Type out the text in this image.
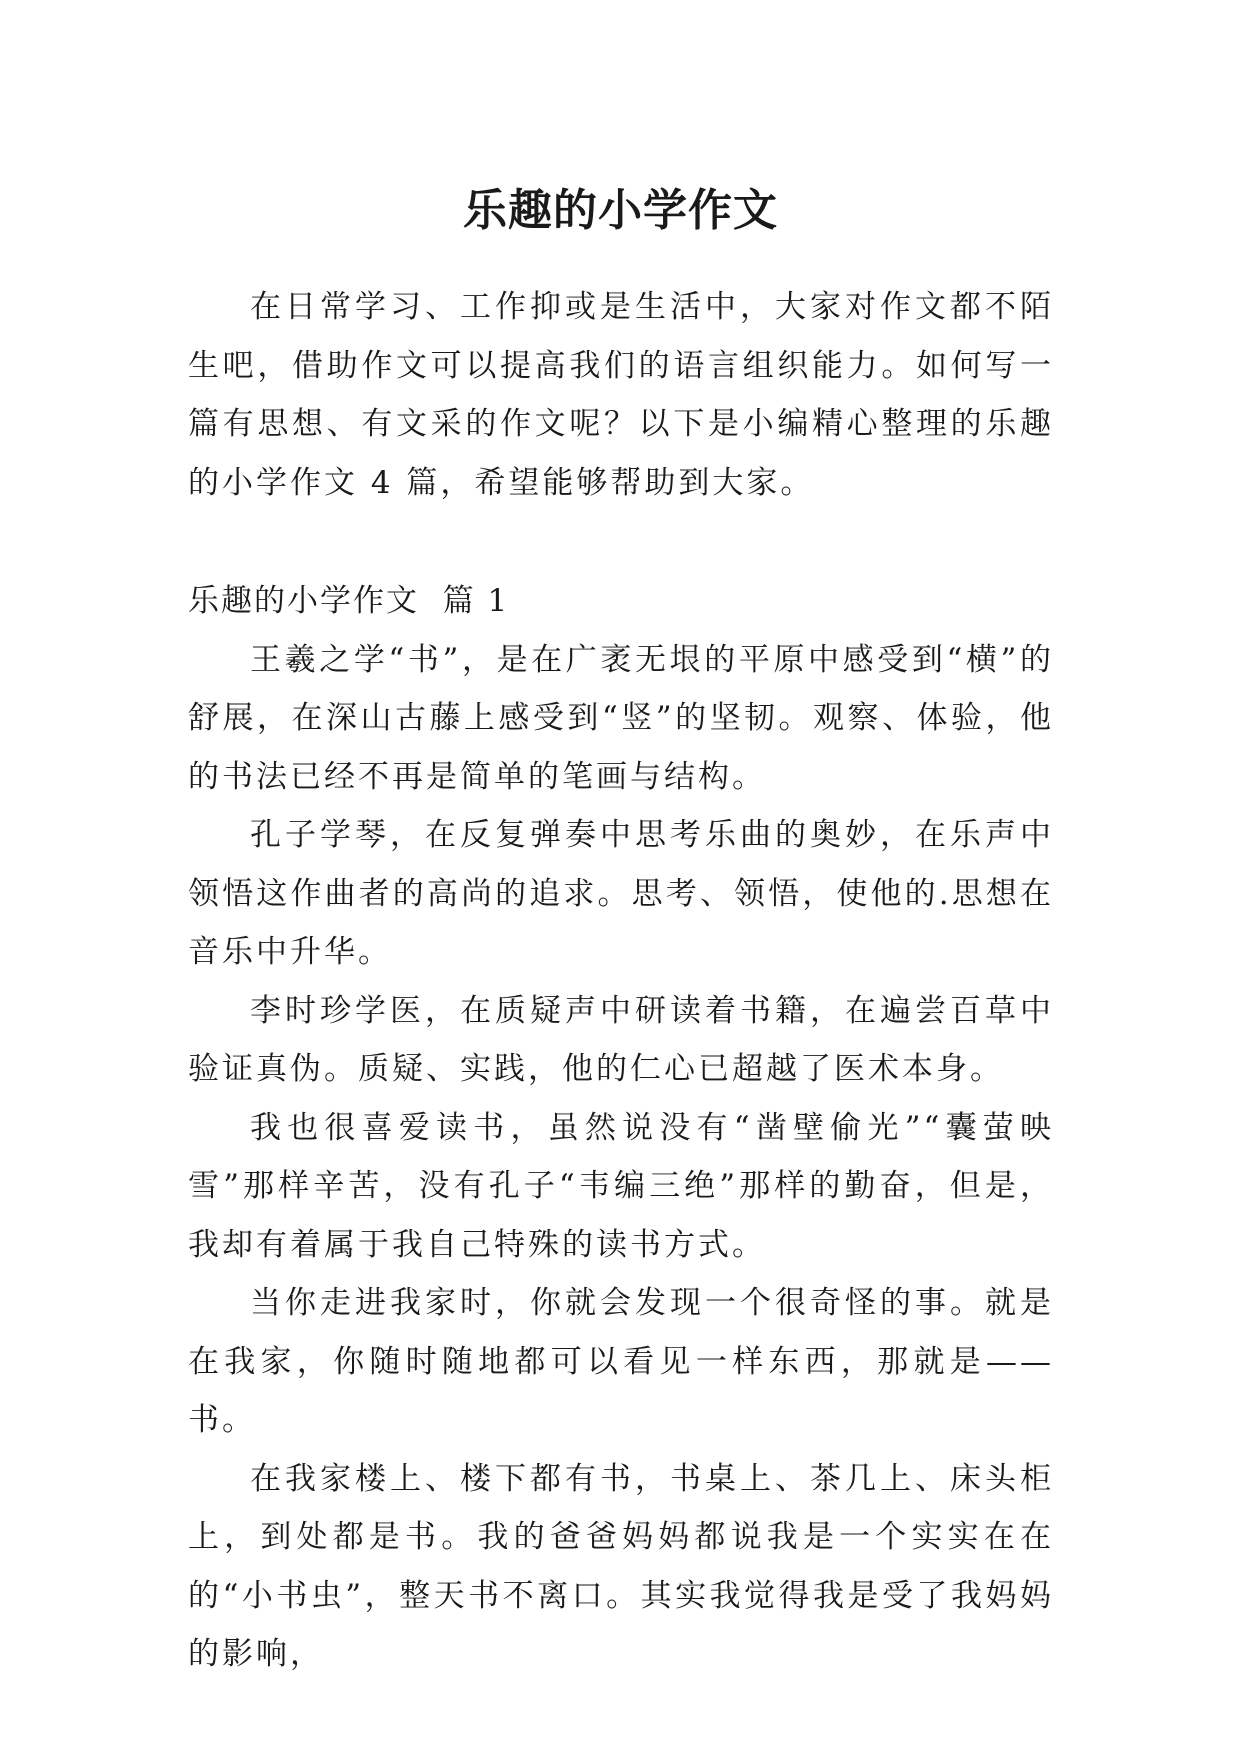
乐趣的小学作文

在日常学习、工作抑或是生活中，大家对作文都不陌生吧，借助作文可以提高我们的语言组织能力。如何写一篇有思想、有文采的作文呢？以下是小编精心整理的乐趣的小学作文 4 篇，希望能够帮助到大家。

乐趣的小学作文  篇 1

王羲之学“书”，是在广袤无垠的平原中感受到“横”的舒展，在深山古藤上感受到“竖”的坚韧。观察、体验，他的书法已经不再是简单的笔画与结构。

孔子学琴，在反复弹奏中思考乐曲的奥妙，在乐声中领悟这作曲者的高尚的追求。思考、领悟，使他的.思想在音乐中升华。

李时珍学医，在质疑声中研读着书籍，在遍尝百草中验证真伪。质疑、实践，他的仁心已超越了医术本身。

我也很喜爱读书，虽然说没有“凿壁偷光”“囊萤映雪”那样辛苦，没有孔子“韦编三绝”那样的勤奋，但是，我却有着属于我自己特殊的读书方式。

当你走进我家时，你就会发现一个很奇怪的事。就是在我家，你随时随地都可以看见一样东西，那就是——书。

在我家楼上、楼下都有书，书桌上、茶几上、床头柜上，到处都是书。我的爸爸妈妈都说我是一个实实在在的“小书虫”，整天书不离口。其实我觉得我是受了我妈妈的影响，
